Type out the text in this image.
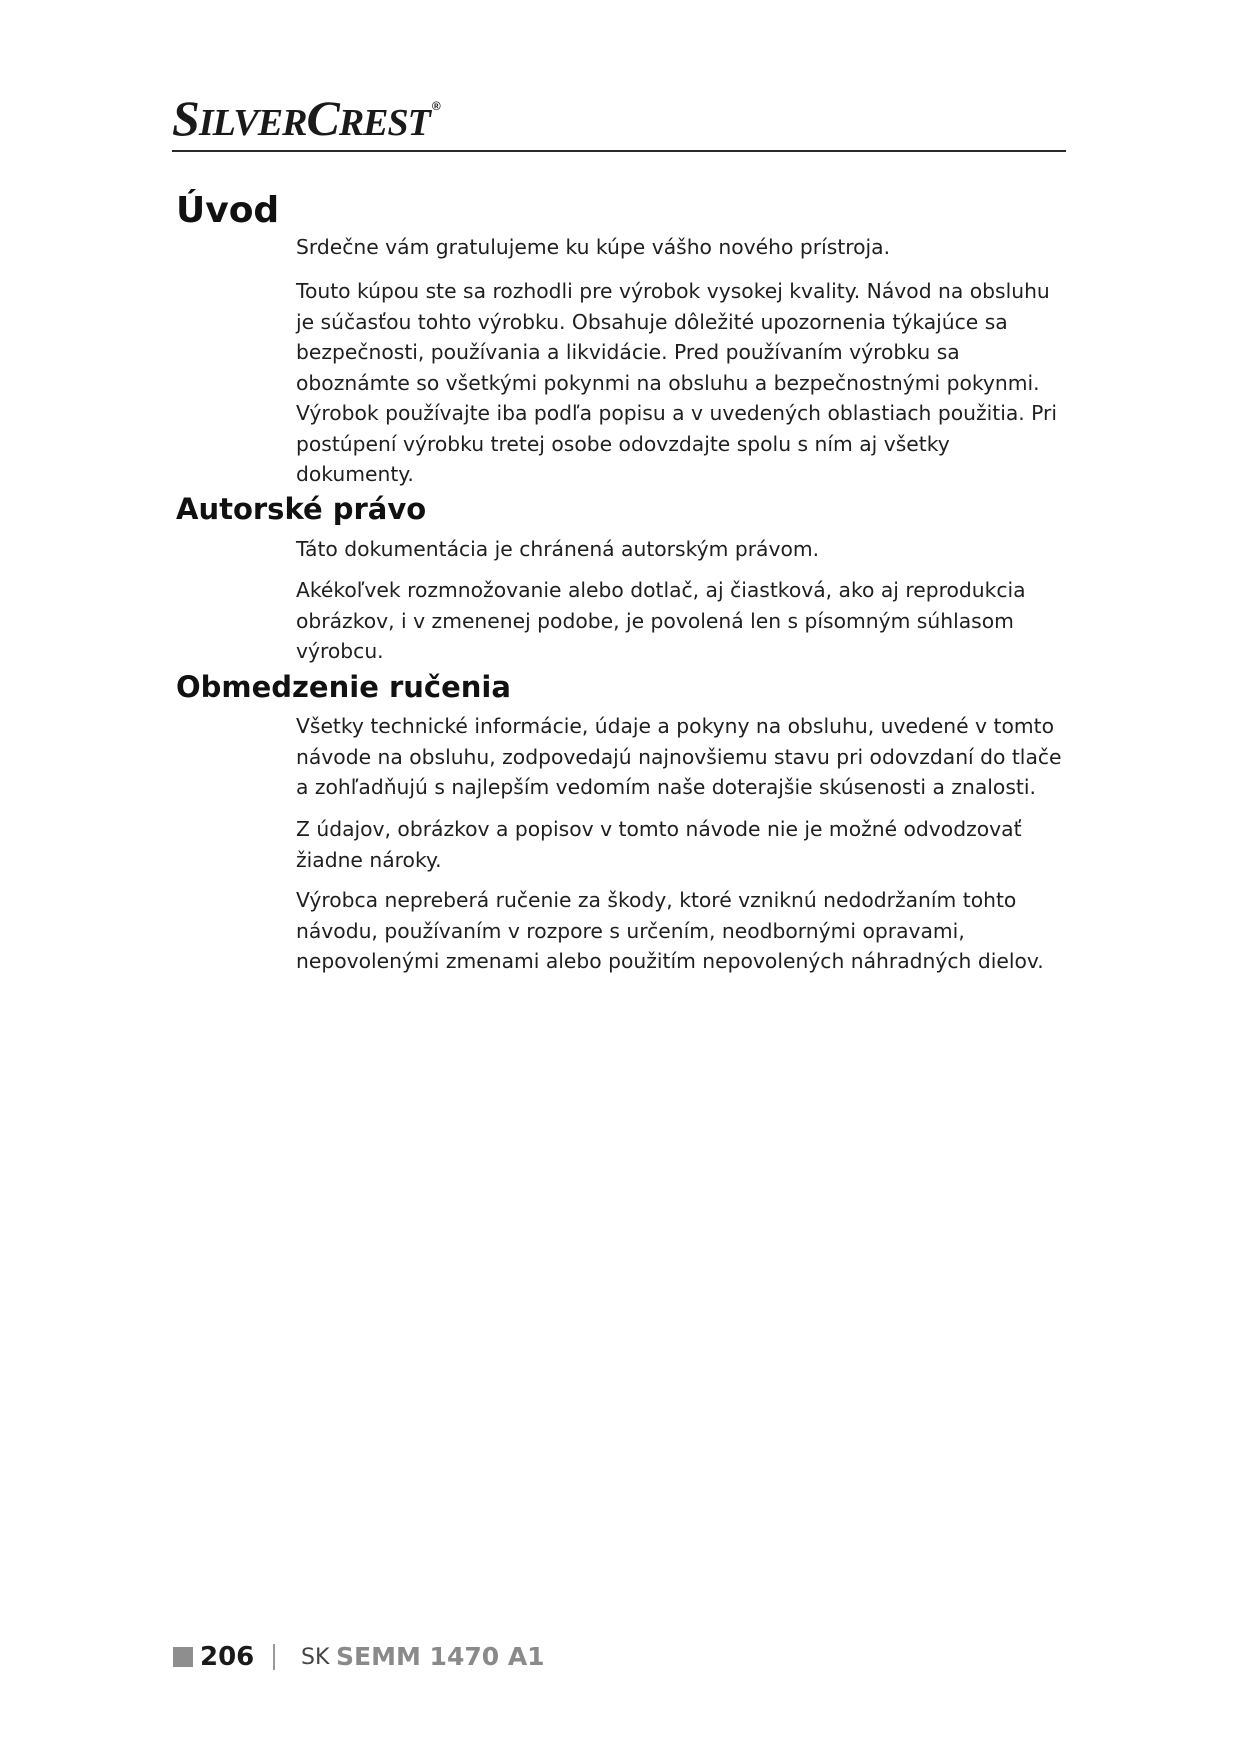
SILVERCREST ®
Úvod

Srdečne vám gratulujeme ku kúpe vášho nového prístroja.

Touto kúpou ste sa rozhodli pre výrobok vysokej kvality. Návod na obsluhu je súčasťou tohto výrobku. Obsahuje dôležité upozornenia týkajúce sa bezpečnosti, používania a likvidácie. Pred používaním výrobku sa oboznámte so všetkými pokynmi na obsluhu a bezpečnostnými pokynmi. Výrobok používajte iba podľa popisu a v uvedených oblastiach použitia. Pri postúpení výrobku tretej osobe odovzdajte spolu s ním aj všetky dokumenty.

Autorské právo

Táto dokumentácia je chránená autorským právom.

Akékoľvek rozmnožovanie alebo dotlač, aj čiastková, ako aj reprodukcia obrázkov, i v zmenenej podobe, je povolená len s písomným súhlasom výrobcu.

Obmedzenie ručenia

Všetky technické informácie, údaje a pokyny na obsluhu, uvedené v tomto návode na obsluhu, zodpovedajú najnovšiemu stavu pri odovzdaní do tlače a zohľadňujú s najlepším vedomím naše doterajšie skúsenosti a znalosti.

Z údajov, obrázkov a popisov v tomto návode nie je možné odvodzovať žiadne nároky.

Výrobca nepreberá ručenie za škody, ktoré vzniknú nedodržaním tohto návodu, používaním v rozpore s určením, neodbornými opravami, nepovolenými zmenami alebo použitím nepovolených náhradných dielov.

206 SK SEMM 1470 A1
